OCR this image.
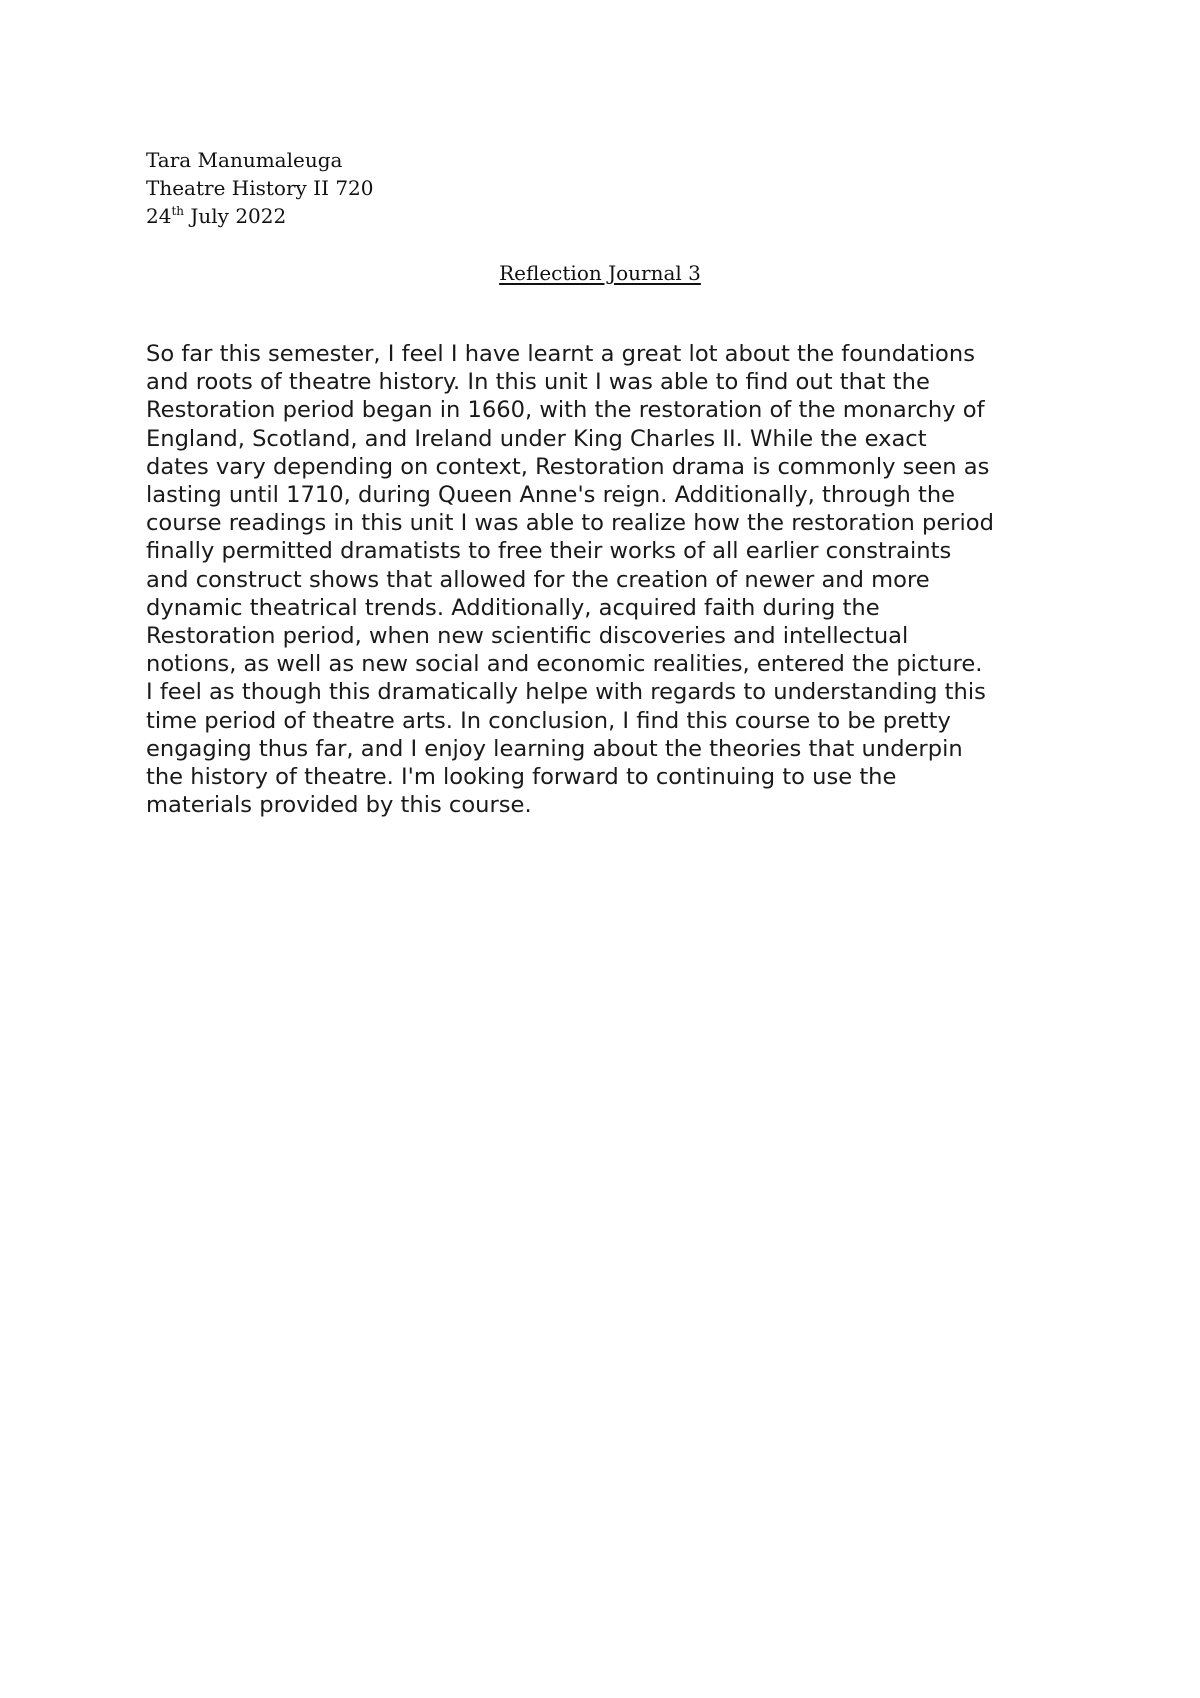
Tara Manumaleuga
Theatre History II 720
24th July 2022
Reflection Journal 3
So far this semester, I feel I have learnt a great lot about the foundations
and roots of theatre history. In this unit I was able to find out that the
Restoration period began in 1660, with the restoration of the monarchy of
England, Scotland, and Ireland under King Charles II. While the exact
dates vary depending on context, Restoration drama is commonly seen as
lasting until 1710, during Queen Anne's reign. Additionally, through the
course readings in this unit I was able to realize how the restoration period
finally permitted dramatists to free their works of all earlier constraints
and construct shows that allowed for the creation of newer and more
dynamic theatrical trends. Additionally, acquired faith during the
Restoration period, when new scientific discoveries and intellectual
notions, as well as new social and economic realities, entered the picture.
I feel as though this dramatically helpe with regards to understanding this
time period of theatre arts. In conclusion, I find this course to be pretty
engaging thus far, and I enjoy learning about the theories that underpin
the history of theatre. I'm looking forward to continuing to use the
materials provided by this course.
